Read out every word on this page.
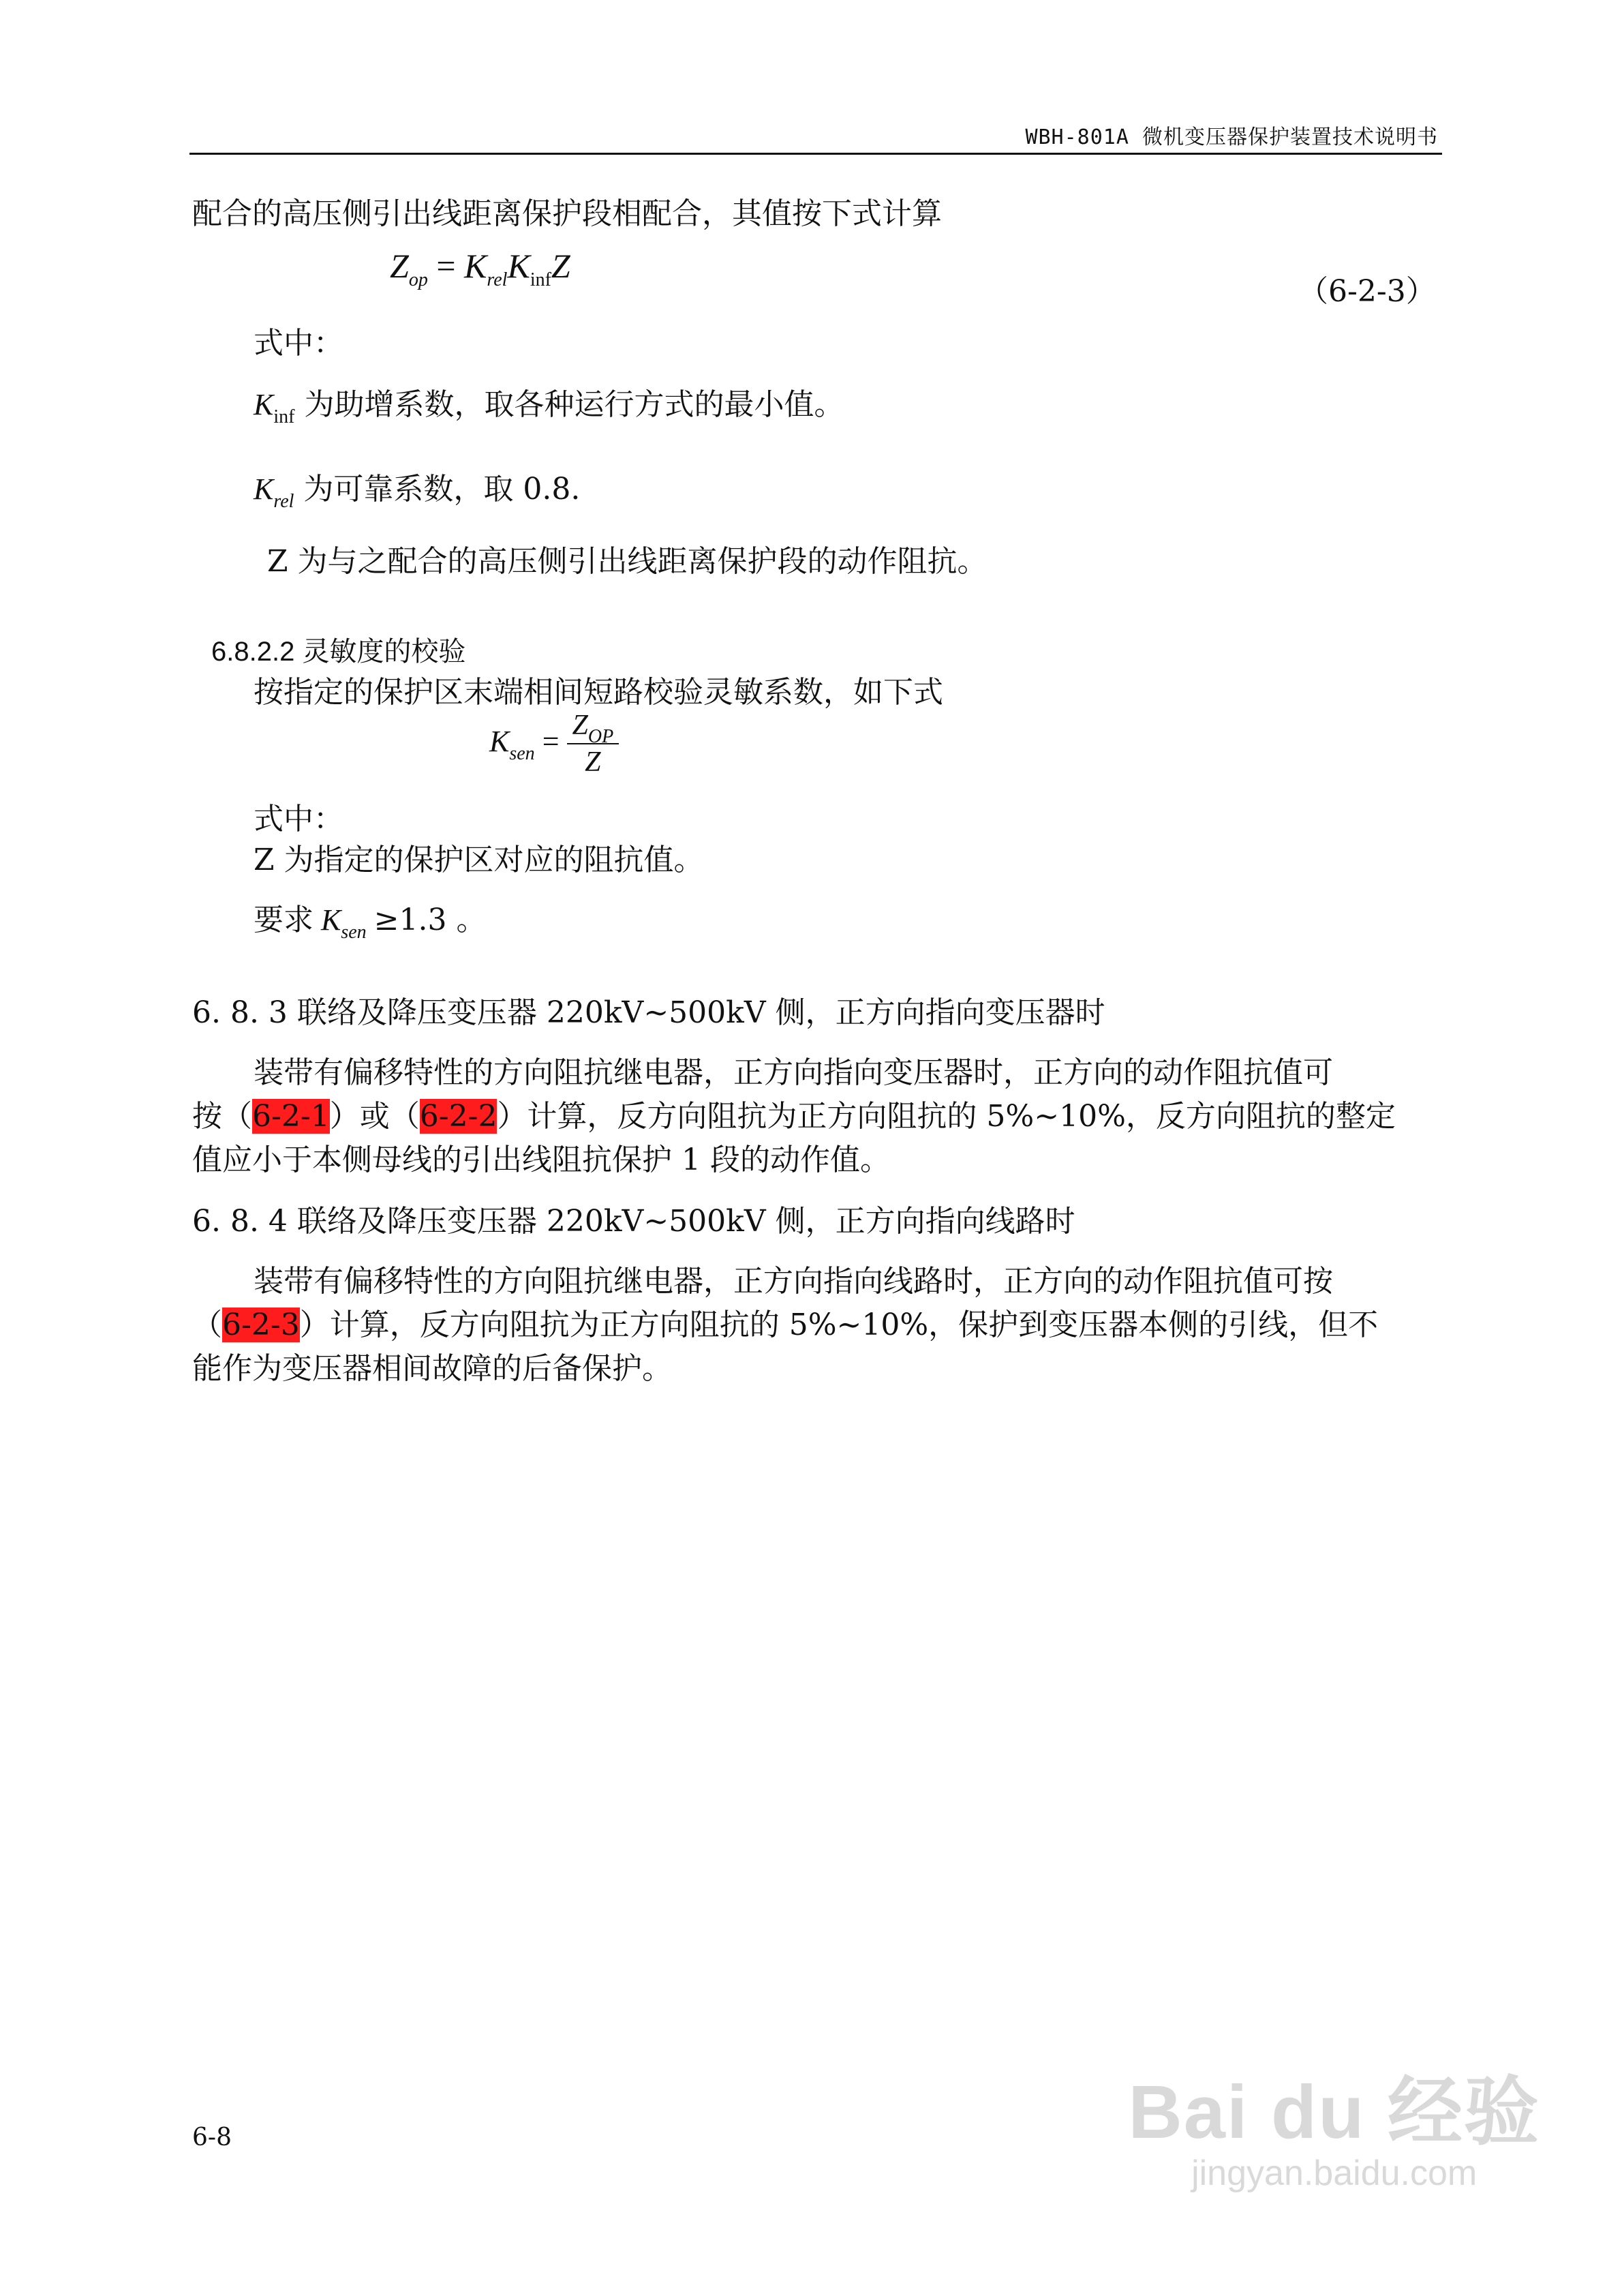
WBH-801A 微机变压器保护装置技术说明书
配合的高压侧引出线距离保护段相配合，其值按下式计算
$Z_{op} = K_{rel}K_{inf}Z$
（6-2-3）
式中：
$K_{inf}$ 为助增系数，取各种运行方式的最小值。
$K_{rel}$ 为可靠系数，取 0.8.
Z 为与之配合的高压侧引出线距离保护段的动作阻抗。
6.8.2.2 灵敏度的校验
按指定的保护区末端相间短路校验灵敏系数，如下式
$K_{sen} = \frac{Z_{OP}}{Z}$
式中：
Z 为指定的保护区对应的阻抗值。
要求 $K_{sen} \ge 1.3$ 。
6. 8. 3 联络及降压变压器 220kV~500kV 侧，正方向指向变压器时
装带有偏移特性的方向阻抗继电器，正方向指向变压器时，正方向的动作阻抗值可
按（6-2-1）或（6-2-2）计算，反方向阻抗为正方向阻抗的 5%~10%，反方向阻抗的整定
值应小于本侧母线的引出线阻抗保护 1 段的动作值。
6. 8. 4 联络及降压变压器 220kV~500kV 侧，正方向指向线路时
装带有偏移特性的方向阻抗继电器，正方向指向线路时，正方向的动作阻抗值可按
（6-2-3）计算，反方向阻抗为正方向阻抗的 5%~10%，保护到变压器本侧的引线，但不
能作为变压器相间故障的后备保护。
6-8	Bai du 经验
jingyan.baidu.com
